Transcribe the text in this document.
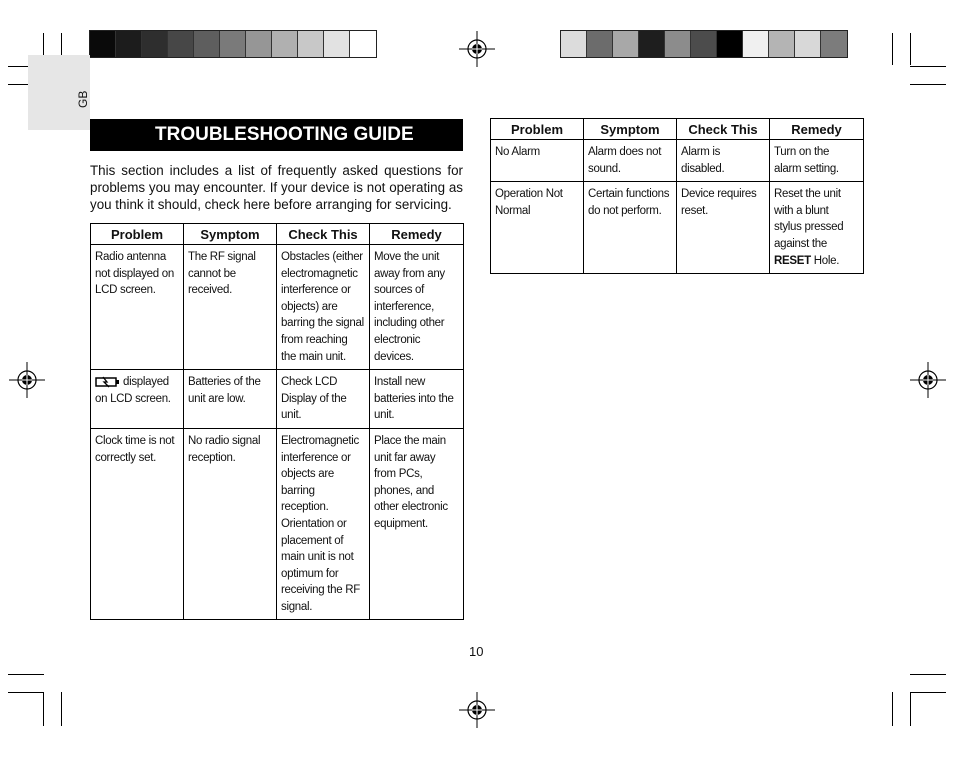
GB
TROUBLESHOOTING GUIDE
This section includes a list of frequently asked questions for problems you may encounter. If your device is not operating as you think it should, check here before arranging for servicing.
Problem	Symptom	Check This	Remedy
Radio antenna not displayed on LCD screen.	The RF signal cannot be received.	Obstacles (either electromagnetic interference or objects) are barring the signal from reaching the main unit.	Move the unit away from any sources of interference, including other electronic devices.
displayed on LCD screen.	Batteries of the unit are low.	Check LCD Display of the unit.	Install new batteries into the unit.
Clock time is not correctly set.	No radio signal reception.	Electromagnetic interference or objects are barring reception. Orientation or placement of main unit is not optimum for receiving the RF signal.	Place the main unit far away from PCs, phones, and other electronic equipment.
Problem	Symptom	Check This	Remedy
No Alarm	Alarm does not sound.	Alarm is disabled.	Turn on the alarm setting.
Operation Not Normal	Certain functions do not perform.	Device requires reset.	Reset the unit with a blunt stylus pressed against the RESET Hole.
10
